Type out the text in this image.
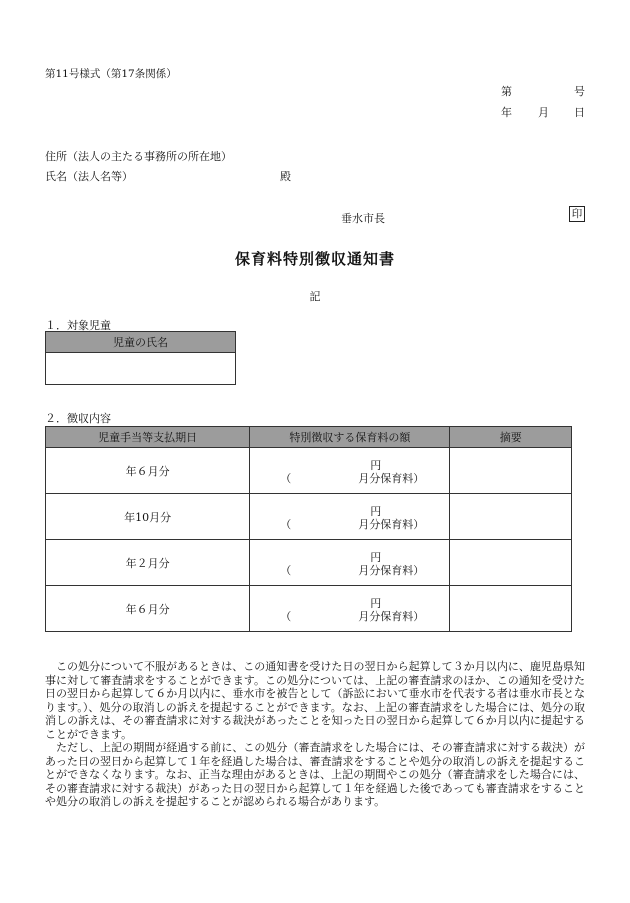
第11号様式（第17条関係）
第	号
年 月 日
住所（法人の主たる事務所の所在地）
氏名（法人名等）	殿
垂水市長	印
保育料特別徴収通知書
記
１．対象児童
児童の氏名

２．徴収内容
児童手当等支払期日	特別徴収する保育料の額	摘要
年６月分	円
（ 月分保育料）	

年10月分	円
（ 月分保育料）	

年２月分	円
（ 月分保育料）	

年６月分	円
（ 月分保育料）	

この処分について不服があるときは、この通知書を受けた日の翌日から起算して３か月以内に、鹿児島県知事に対して審査請求をすることができます。この処分については、上記の審査請求のほか、この通知を受けた日の翌日から起算して６か月以内に、垂水市を被告として（訴訟において垂水市を代表する者は垂水市長となります。）、処分の取消しの訴えを提起することができます。なお、上記の審査請求をした場合には、処分の取消しの訴えは、その審査請求に対する裁決があったことを知った日の翌日から起算して６か月以内に提起することができます。

ただし、上記の期間が経過する前に、この処分（審査請求をした場合には、その審査請求に対する裁決）があった日の翌日から起算して１年を経過した場合は、審査請求をすることや処分の取消しの訴えを提起することができなくなります。なお、正当な理由があるときは、上記の期間やこの処分（審査請求をした場合には、その審査請求に対する裁決）があった日の翌日から起算して１年を経過した後であっても審査請求をすることや処分の取消しの訴えを提起することが認められる場合があります。
